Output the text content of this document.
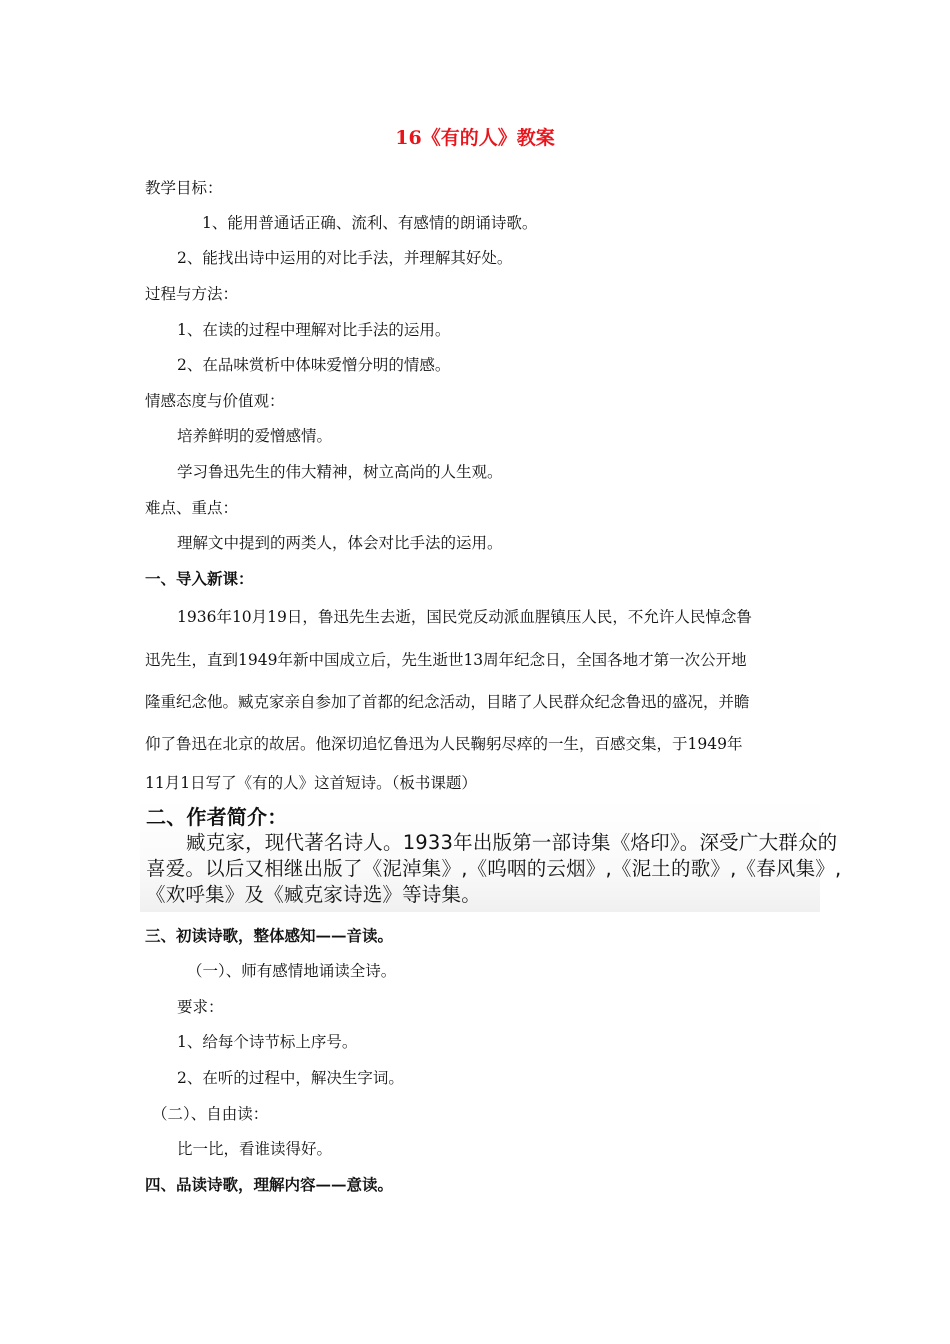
16《有的人》教案
教学目标：
1、能用普通话正确、流利、有感情的朗诵诗歌。
2、能找出诗中运用的对比手法，并理解其好处。
过程与方法：
1、在读的过程中理解对比手法的运用。
2、在品味赏析中体味爱憎分明的情感。
情感态度与价值观：
培养鲜明的爱憎感情。
学习鲁迅先生的伟大精神，树立高尚的人生观。
难点、重点：
理解文中提到的两类人，体会对比手法的运用。
一、导入新课：
1936年10月19日，鲁迅先生去逝，国民党反动派血腥镇压人民，不允许人民悼念鲁
迅先生，直到1949年新中国成立后，先生逝世13周年纪念日，全国各地才第一次公开地
隆重纪念他。臧克家亲自参加了首都的纪念活动，目睹了人民群众纪念鲁迅的盛况，并瞻
仰了鲁迅在北京的故居。他深切追忆鲁迅为人民鞠躬尽瘁的一生，百感交集，于1949年
11月1日写了《有的人》这首短诗。（板书课题）
二、作者简介：
臧克家，现代著名诗人。1933年出版第一部诗集《烙印》。深受广大群众的
喜爱。以后又相继出版了《泥淖集》,《呜咽的云烟》,《泥土的歌》,《春风集》,
《欢呼集》及《臧克家诗选》等诗集。
三、初读诗歌，整体感知——音读。
（一）、师有感情地诵读全诗。
要求：
1、给每个诗节标上序号。
2、在听的过程中，解决生字词。
（二）、自由读：
比一比，看谁读得好。
四、品读诗歌，理解内容——意读。
